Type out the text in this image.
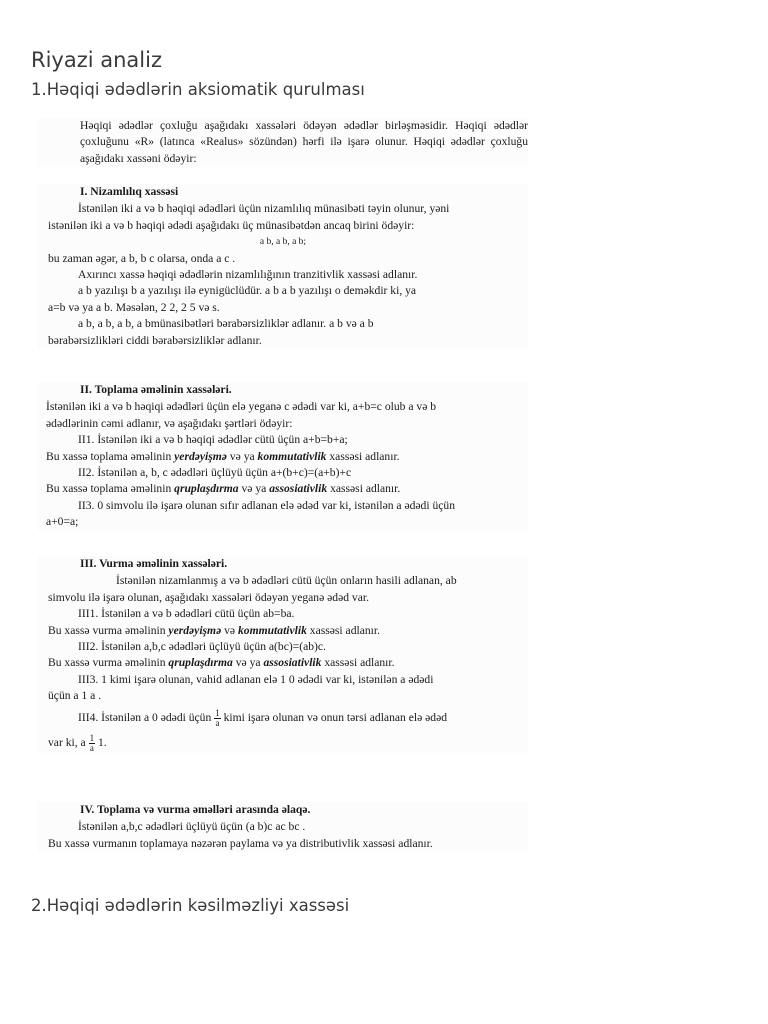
Riyazi analiz
1.Həqiqi ədədlərin aksiomatik qurulması

Həqiqi ədədlər çoxluğu aşağıdakı xassələri ödəyən ədədlər birləşməsidir. Həqiqi ədədlər çoxluğunu «R» (latınca «Realus» sözündən) hərfi ilə işarə olunur. Həqiqi ədədlər çoxluğu aşağıdakı xassəni ödəyir:

I. Nizamlılıq xassəsi

İstənilən iki a və b həqiqi ədədləri üçün nizamlılıq münasibəti təyin olunur, yəni

istənilən iki a və b həqiqi ədədi aşağıdakı üç münasibətdən ancaq birini ödəyir:

a b, a b, a b;

bu zaman əgər, a b, b c olarsa, onda a c .

Axırıncı xassə həqiqi ədədlərin nizamlılığının tranzitivlik xassəsi adlanır.

a b yazılışı b a yazılışı ilə eynigüclüdür. a b a b yazılışı o deməkdir ki, ya

a=b və ya a b. Məsələn, 2 2, 2 5 və s.

a b, a b, a b, a bmünasibətləri bərabərsizliklər adlanır. a b və a b

bərabərsizlikləri ciddi bərabərsizliklər adlanır.

II. Toplama əməlinin xassələri.

İstənilən iki a və b həqiqi ədədləri üçün elə yeganə c ədədi var ki, a+b=c olub a və b

ədədlərinin cəmi adlanır, və aşağıdakı şərtləri ödəyir:

II1. İstənilən iki a və b həqiqi ədədlər cütü üçün a+b=b+a;

Bu xassə toplama əməlinin yerdəyişmə və ya kommutativlik xassəsi adlanır.

II2. İstənilən a, b, c ədədləri üçlüyü üçün a+(b+c)=(a+b)+c

Bu xassə toplama əməlinin qruplaşdırma və ya assosiativlik xassəsi adlanır.

II3. 0 simvolu ilə işarə olunan sıfır adlanan elə ədəd var ki, istənilən a ədədi üçün

a+0=a;

III. Vurma əməlinin xassələri.

İstənilən nizamlanmış a və b ədədləri cütü üçün onların hasili adlanan, ab

simvolu ilə işarə olunan, aşağıdakı xassələri ödəyən yeganə ədəd var.

III1. İstənilən a və b ədədləri cütü üçün ab=ba.

Bu xassə vurma əməlinin yerdəyişmə və kommutativlik xassəsi adlanır.

III2. İstənilən a,b,c ədədləri üçlüyü üçün a(bc)=(ab)c.

Bu xassə vurma əməlinin qruplaşdırma və ya assosiativlik xassəsi adlanır.

III3. 1 kimi işarə olunan, vahid adlanan elə 1 0 ədədi var ki, istənilən a ədədi

üçün a 1 a .

III4. İstənilən a 0 ədədi üçün $\frac{1}{a}$ kimi işarə olunan və onun tərsi adlanan elə ədəd

var ki, a $\frac{1}{a} 1$.

IV. Toplama və vurma əməlləri arasında əlaqə.

İstənilən a,b,c ədədləri üçlüyü üçün (a b)c ac bc .

Bu xassə vurmanın toplamaya nəzərən paylama və ya distributivlik xassəsi adlanır.

2.Həqiqi ədədlərin kəsilməzliyi xassəsi
